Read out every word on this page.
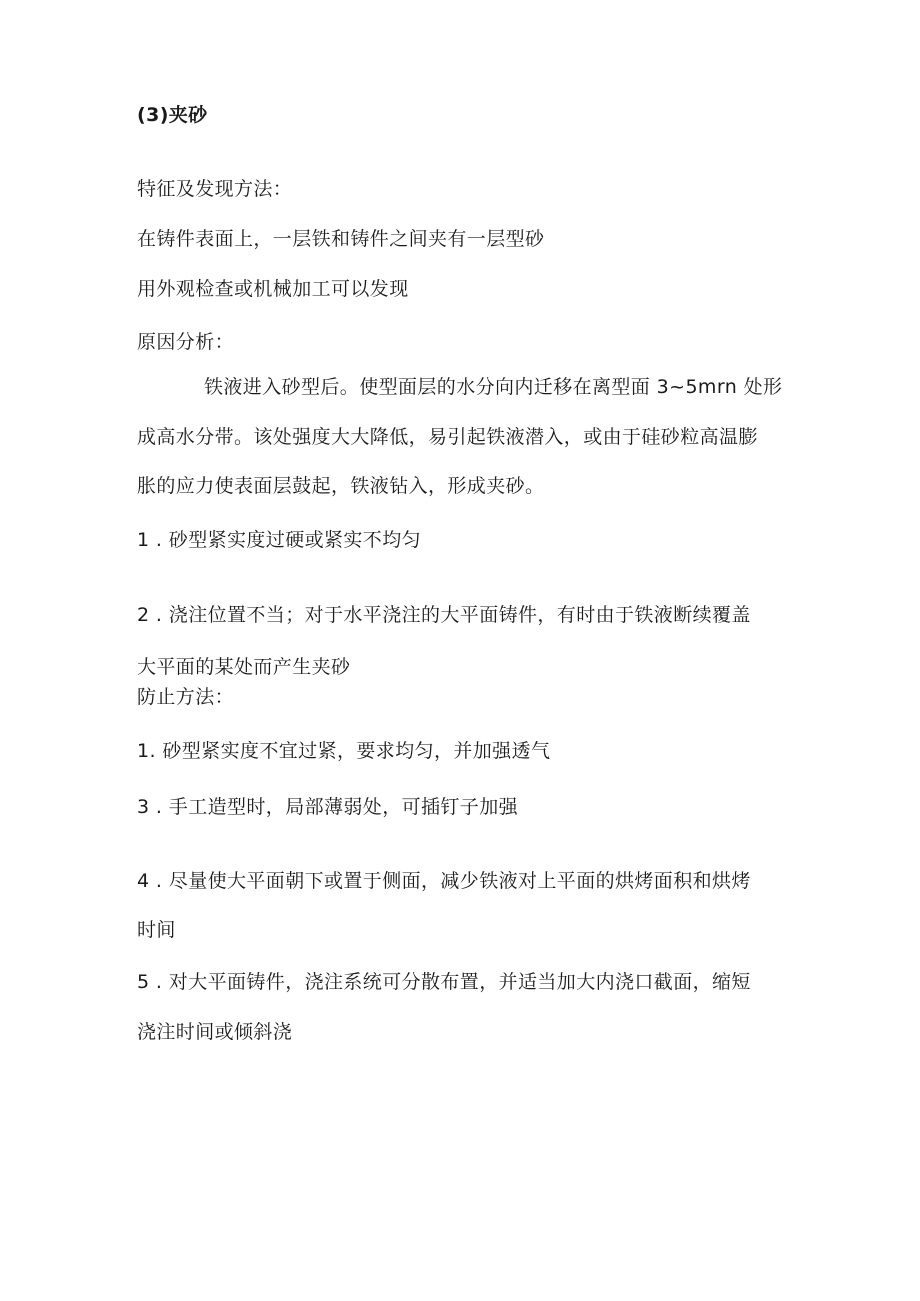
(3)夹砂

特征及发现方法：

在铸件表面上，一层铁和铸件之间夹有一层型砂

用外观检查或机械加工可以发现

原因分析：

铁液进入砂型后。使型面层的水分向内迁移在离型面 3~5mrn 处形

成高水分带。该处强度大大降低，易引起铁液潜入，或由于硅砂粒高温膨

胀的应力使表面层鼓起，铁液钻入，形成夹砂。

1 . 砂型紧实度过硬或紧实不均匀

2 . 浇注位置不当；对于水平浇注的大平面铸件，有时由于铁液断续覆盖

大平面的某处而产生夹砂

防止方法：

1. 砂型紧实度不宜过紧，要求均匀，并加强透气

3 . 手工造型时，局部薄弱处，可插钉子加强

4 . 尽量使大平面朝下或置于侧面，减少铁液对上平面的烘烤面积和烘烤

时间

5 . 对大平面铸件，浇注系统可分散布置，并适当加大内浇口截面，缩短

浇注时间或倾斜浇
